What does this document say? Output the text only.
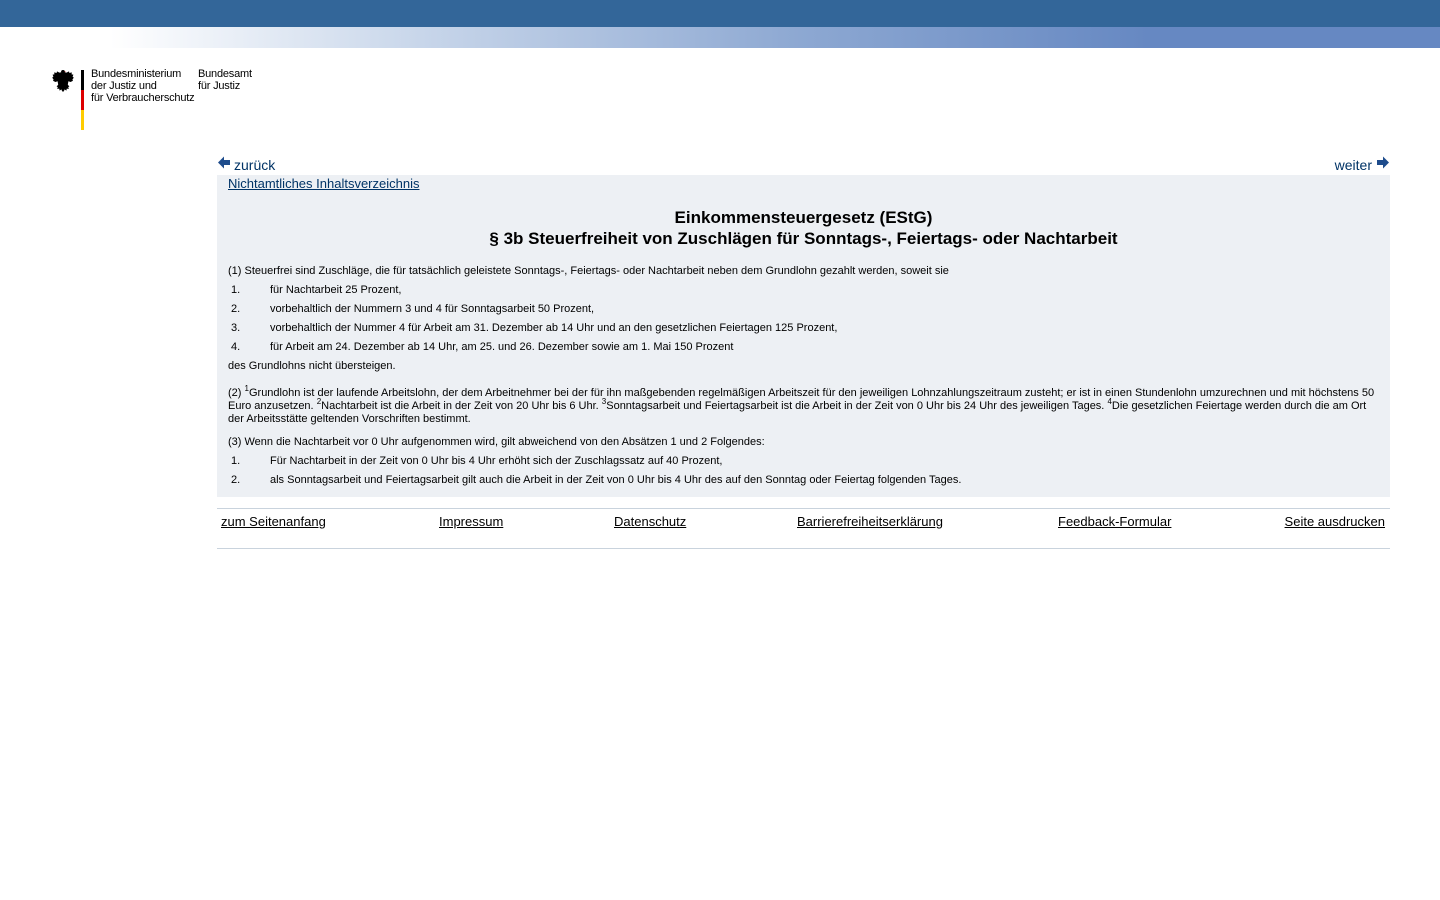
Bundesministerium
der Justiz und
für Verbraucherschutz
Bundesamt
für Justiz
zurück	weiter
Nichtamtliches Inhaltsverzeichnis
Einkommensteuergesetz (EStG)
§ 3b Steuerfreiheit von Zuschlägen für Sonntags-, Feiertags- oder Nachtarbeit
(1) Steuerfrei sind Zuschläge, die für tatsächlich geleistete Sonntags-, Feiertags- oder Nachtarbeit neben dem Grundlohn gezahlt werden, soweit sie
1.	für Nachtarbeit 25 Prozent,
2.	vorbehaltlich der Nummern 3 und 4 für Sonntagsarbeit 50 Prozent,
3.	vorbehaltlich der Nummer 4 für Arbeit am 31. Dezember ab 14 Uhr und an den gesetzlichen Feiertagen 125 Prozent,
4.	für Arbeit am 24. Dezember ab 14 Uhr, am 25. und 26. Dezember sowie am 1. Mai 150 Prozent
des Grundlohns nicht übersteigen.
(2) $^1$Grundlohn ist der laufende Arbeitslohn, der dem Arbeitnehmer bei der für ihn maßgebenden regelmäßigen Arbeitszeit für den jeweiligen Lohnzahlungszeitraum zusteht; er ist in einen Stundenlohn umzurechnen und mit höchstens 50 Euro anzusetzen. $^2$Nachtarbeit ist die Arbeit in der Zeit von 20 Uhr bis 6 Uhr. $^3$Sonntagsarbeit und Feiertagsarbeit ist die Arbeit in der Zeit von 0 Uhr bis 24 Uhr des jeweiligen Tages. $^4$Die gesetzlichen Feiertage werden durch die am Ort der Arbeitsstätte geltenden Vorschriften bestimmt.
(3) Wenn die Nachtarbeit vor 0 Uhr aufgenommen wird, gilt abweichend von den Absätzen 1 und 2 Folgendes:
1.	Für Nachtarbeit in der Zeit von 0 Uhr bis 4 Uhr erhöht sich der Zuschlagssatz auf 40 Prozent,
2.	als Sonntagsarbeit und Feiertagsarbeit gilt auch die Arbeit in der Zeit von 0 Uhr bis 4 Uhr des auf den Sonntag oder Feiertag folgenden Tages.
zum Seitenanfang	Impressum	Datenschutz	Barrierefreiheitserklärung	Feedback-Formular	Seite ausdrucken
